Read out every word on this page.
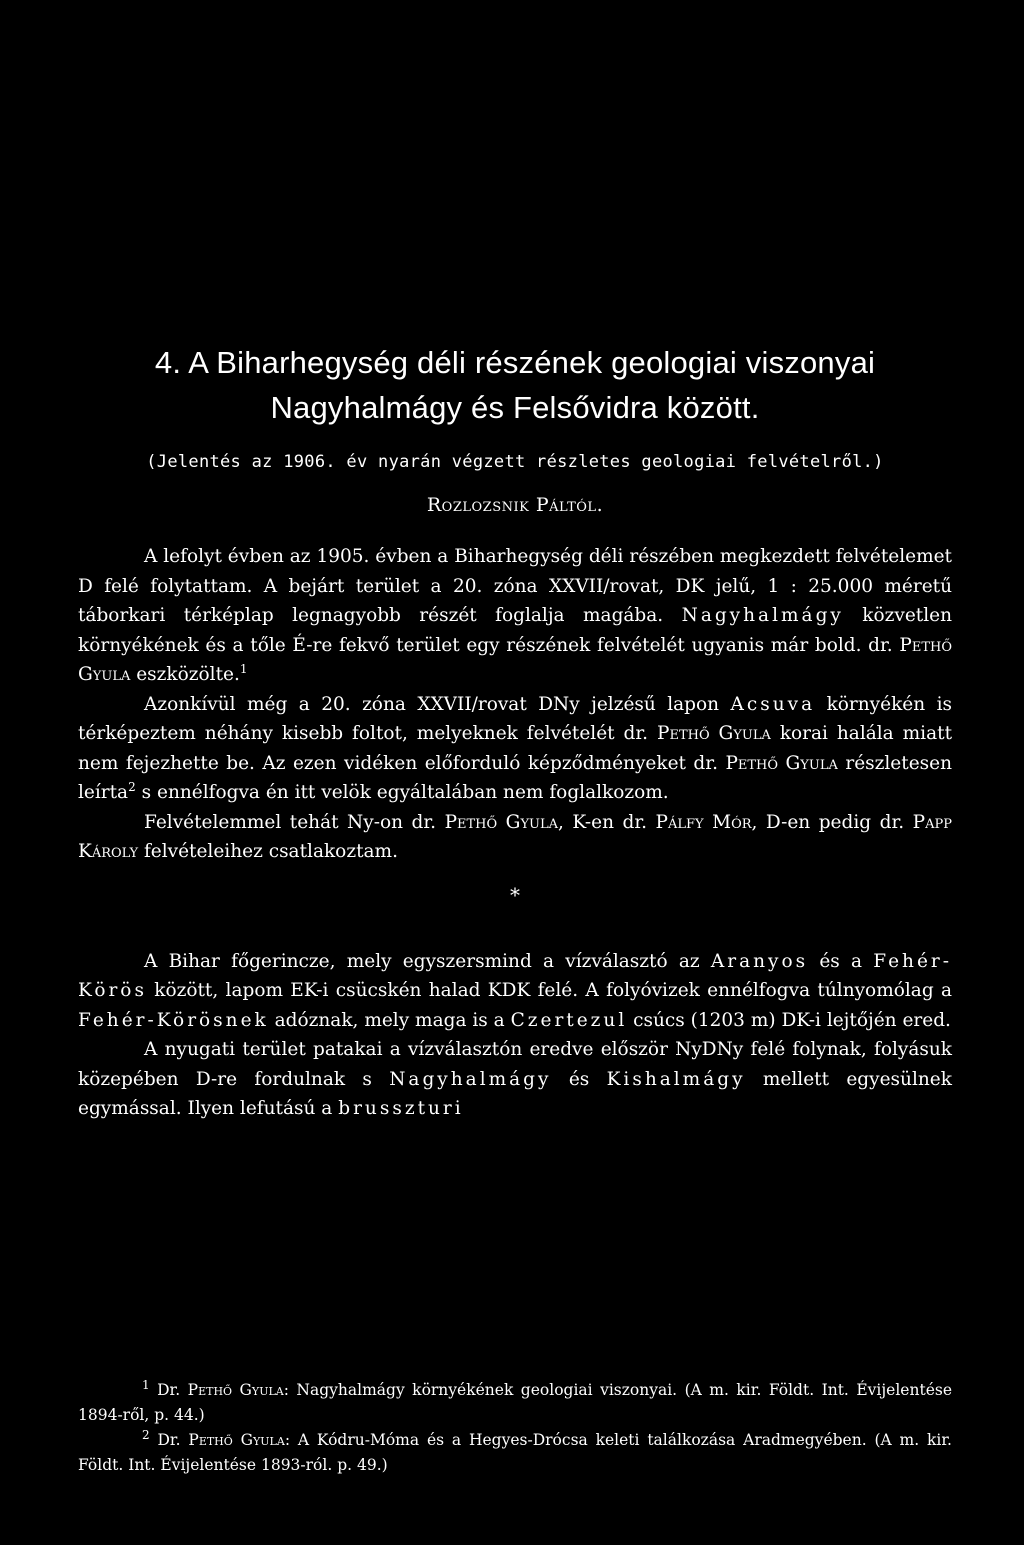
4. A Biharhegység déli részének geologiai viszonyai Nagyhalmágy és Felsővidra között.
(Jelentés az 1906. év nyarán végzett részletes geologiai felvételről.)
Rozlozsnik Páltól.

A lefolyt évben az 1905. évben a Biharhegység déli részében megkezdett felvételemet D felé folytattam. A bejárt terület a 20. zóna XXVII/rovat, DK jelű, 1 : 25.000 méretű táborkari térképlap legnagyobb részét foglalja magába. Nagyhalmágy közvetlen környékének és a tőle É-re fekvő terület egy részének felvételét ugyanis már bold. dr. Pethő Gyula eszközölte.$^1$

Azonkívül még a 20. zóna XXVII/rovat DNy jelzésű lapon Acsuva környékén is térképeztem néhány kisebb foltot, melyeknek felvételét dr. Pethő Gyula korai halála miatt nem fejezhette be. Az ezen vidéken előforduló képződményeket dr. Pethő Gyula részletesen leírta$^2$ s ennélfogva én itt velök egyáltalában nem foglalkozom.

Felvételemmel tehát Ny-on dr. Pethő Gyula, K-en dr. Pálfy Mór, D-en pedig dr. Papp Károly felvételeihez csatlakoztam.

*

A Bihar főgerincze, mely egyszersmind a vízválasztó az Aranyos és a Fehér-Körös között, lapom EK-i csücskén halad KDK felé. A folyóvizek ennélfogva túlnyomólag a Fehér-Körösnek adóznak, mely maga is a Czertezul csúcs (1203 m) DK-i lejtőjén ered.

A nyugati terület patakai a vízválasztón eredve először NyDNy felé folynak, folyásuk közepében D-re fordulnak s Nagyhalmágy és Kishalmágy mellett egyesülnek egymással. Ilyen lefutású a brusszturi

$^1$ Dr. Pethő Gyula: Nagyhalmágy környékének geologiai viszonyai. (A m. kir. Földt. Int. Évijelentése 1894-ről, p. 44.)

$^2$ Dr. Pethő Gyula: A Kódru-Móma és a Hegyes-Drócsa keleti találkozása Aradmegyében. (A m. kir. Földt. Int. Évijelentése 1893-ról. p. 49.)
